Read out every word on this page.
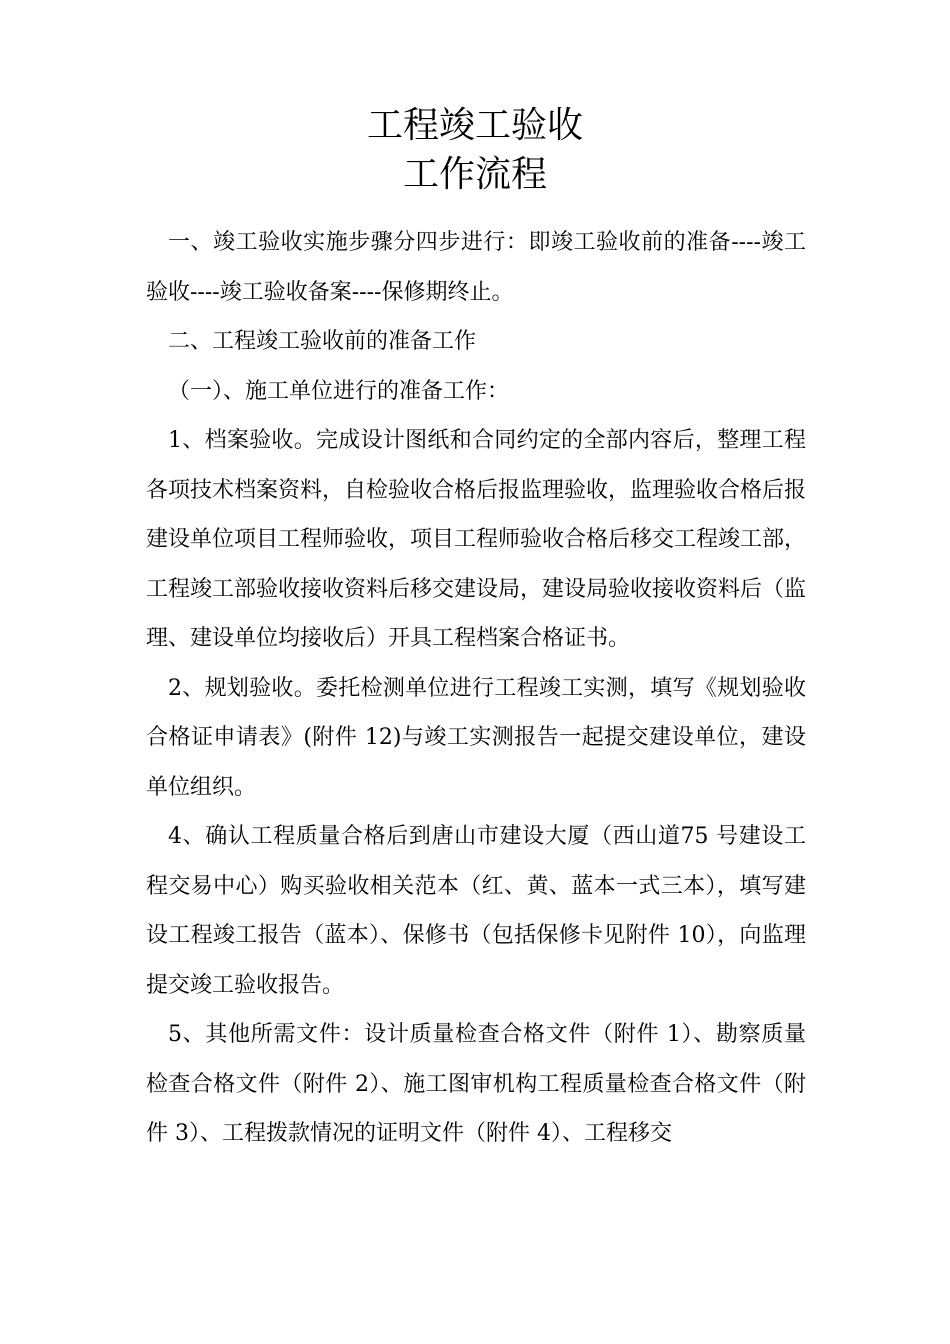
工程竣工验收
工作流程

一、竣工验收实施步骤分四步进行：即竣工验收前的准备----竣工验收----竣工验收备案----保修期终止。

二、工程竣工验收前的准备工作

（一）、施工单位进行的准备工作：

1、档案验收。完成设计图纸和合同约定的全部内容后，整理工程各项技术档案资料，自检验收合格后报监理验收，监理验收合格后报建设单位项目工程师验收，项目工程师验收合格后移交工程竣工部，工程竣工部验收接收资料后移交建设局，建设局验收接收资料后（监理、建设单位均接收后）开具工程档案合格证书。

2、规划验收。委托检测单位进行工程竣工实测，填写《规划验收合格证申请表》(附件 12)与竣工实测报告一起提交建设单位，建设单位组织。

4、确认工程质量合格后到唐山市建设大厦（西山道75 号建设工程交易中心）购买验收相关范本（红、黄、蓝本一式三本），填写建设工程竣工报告（蓝本）、保修书（包括保修卡见附件 10），向监理提交竣工验收报告。

5、其他所需文件：设计质量检查合格文件（附件 1）、勘察质量检查合格文件（附件 2）、施工图审机构工程质量检查合格文件（附件 3）、工程拨款情况的证明文件（附件 4）、工程移交
